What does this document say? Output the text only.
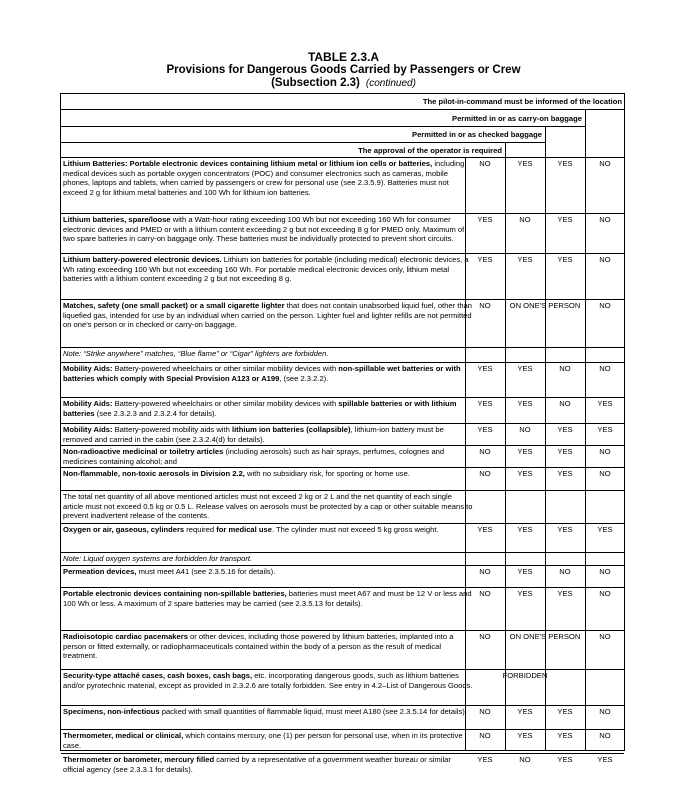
TABLE 2.3.A
Provisions for Dangerous Goods Carried by Passengers or Crew
(Subsection 2.3) (continued)
The pilot-in-command must be informed of the location
Permitted in or as carry-on baggage
Permitted in or as checked baggage
The approval of the operator is required
Lithium Batteries: Portable electronic devices containing lithium metal or lithium ion cells or batteries, including medical devices such as portable oxygen concentrators (POC) and consumer electronics such as cameras, mobile phones, laptops and tablets, when carried by passengers or crew for personal use (see 2.3.5.9). Batteries must not exceed 2 g for lithium metal batteries and 100 Wh for lithium ion batteries.
NO	YES	YES	NO
Lithium batteries, spare/loose with a Watt-hour rating exceeding 100 Wh but not exceeding 160 Wh for consumer electronic devices and PMED or with a lithium content exceeding 2 g but not exceeding 8 g for PMED only. Maximum of two spare batteries in carry-on baggage only. These batteries must be individually protected to prevent short circuits.
YES	NO	YES	NO
Lithium battery-powered electronic devices. Lithium ion batteries for portable (including medical) electronic devices, a Wh rating exceeding 100 Wh but not exceeding 160 Wh. For portable medical electronic devices only, lithium metal batteries with a lithium content exceeding 2 g but not exceeding 8 g.
YES	YES	YES	NO
Matches, safety (one small packet) or a small cigarette lighter that does not contain unabsorbed liquid fuel, other than liquefied gas, intended for use by an individual when carried on the person. Lighter fuel and lighter refills are not permitted on one's person or in checked or carry-on baggage.
NO	ON ONE'S PERSON	NO
Note: “Strike anywhere” matches, “Blue flame” or “Cigar” lighters are forbidden.
Mobility Aids: Battery-powered wheelchairs or other similar mobility devices with non-spillable wet batteries or with batteries which comply with Special Provision A123 or A199, (see 2.3.2.2).
YES	YES	NO	NO
Mobility Aids: Battery-powered wheelchairs or other similar mobility devices with spillable batteries or with lithium batteries (see 2.3.2.3 and 2.3.2.4 for details).
YES	YES	NO	YES
Mobility Aids: Battery-powered mobility aids with lithium ion batteries (collapsible), lithium-ion battery must be removed and carried in the cabin (see 2.3.2.4(d) for details).
YES	NO	YES	YES
Non-radioactive medicinal or toiletry articles (including aerosols) such as hair sprays, perfumes, colognes and medicines containing alcohol; and
NO	YES	YES	NO
Non-flammable, non-toxic aerosols in Division 2.2, with no subsidiary risk, for sporting or home use.	NO	YES	YES	NO
The total net quantity of all above mentioned articles must not exceed 2 kg or 2 L and the net quantity of each single article must not exceed 0.5 kg or 0.5 L. Release valves on aerosols must be protected by a cap or other suitable means to prevent inadvertent release of the contents.
Oxygen or air, gaseous, cylinders required for medical use. The cylinder must not exceed 5 kg gross weight.	YES	YES	YES	YES
Note: Liquid oxygen systems are forbidden for transport.
Permeation devices, must meet A41 (see 2.3.5.16 for details).	NO	YES	NO	NO
Portable electronic devices containing non-spillable batteries, batteries must meet A67 and must be 12 V or less and 100 Wh or less. A maximum of 2 spare batteries may be carried (see 2.3.5.13 for details).
NO	YES	YES	NO
Radioisotopic cardiac pacemakers or other devices, including those powered by lithium batteries, implanted into a person or fitted externally, or radiopharmaceuticals contained within the body of a person as the result of medical treatment.
NO	ON ONE'S PERSON	NO
Security-type attaché cases, cash boxes, cash bags, etc. incorporating dangerous goods, such as lithium batteries and/or pyrotechnic material, except as provided in 2.3.2.6 are totally forbidden. See entry in 4.2–List of Dangerous Goods.
FORBIDDEN
Specimens, non-infectious packed with small quantities of flammable liquid, must meet A180 (see 2.3.5.14 for details).	NO	YES	YES	NO
Thermometer, medical or clinical, which contains mercury, one (1) per person for personal use, when in its protective case.
NO	YES	YES	NO
Thermometer or barometer, mercury filled carried by a representative of a government weather bureau or similar official agency (see 2.3.3.1 for details).
YES	NO	YES	YES
